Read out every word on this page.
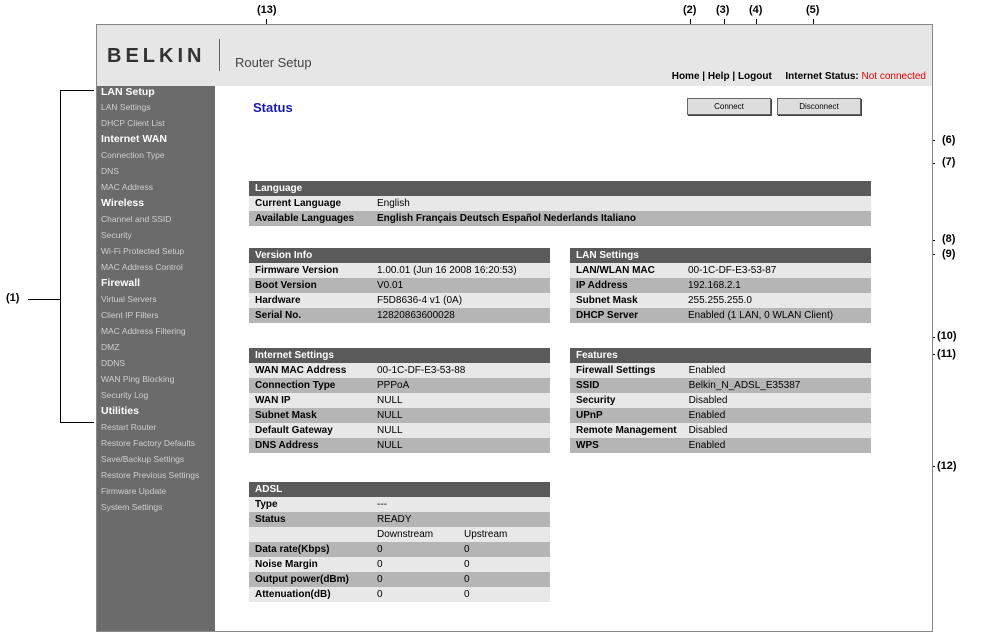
(13)	(2) (3) (4)	(5)
(6)
(7)
(8)
(9)
(10)
(11)
(12)
(1)
BELKIN Router Setup
Home | Help | Logout Internet Status: Not connected
LAN Setup
LAN Settings
DHCP Client List
Internet WAN
Connection Type
DNS
MAC Address
Wireless
Channel and SSID
Security
Wi-Fi Protected Setup
MAC Address Control
Firewall
Virtual Servers
Client IP Filters
MAC Address Filtering
DMZ
DDNS
WAN Ping Blocking
Security Log
Utilities
Restart Router
Restore Factory Defaults
Save/Backup Settings
Restore Previous Settings
Firmware Update
System Settings
Status	Connect	Disconnect
Language	
Current Language	English
Available Languages	English Français Deutsch Español Nederlands Italiano
Version Info	
Firmware Version	1.00.01 (Jun 16 2008 16:20:53)
Boot Version	V0.01
Hardware	F5D8636-4 v1 (0A)
Serial No.	12820863600028
LAN Settings	
LAN/WLAN MAC	00-1C-DF-E3-53-87
IP Address	192.168.2.1
Subnet Mask	255.255.255.0
DHCP Server	Enabled (1 LAN, 0 WLAN Client)
Internet Settings	
WAN MAC Address	00-1C-DF-E3-53-88
Connection Type	PPPoA
WAN IP	NULL
Subnet Mask	NULL
Default Gateway	NULL
DNS Address	NULL
Features	
Firewall Settings	Enabled
SSID	Belkin_N_ADSL_E35387
Security	Disabled
UPnP	Enabled
Remote Management	Disabled
WPS	Enabled
ADSL		
Type	---	
Status	READY	
	Downstream	Upstream
Data rate(Kbps)	0	0
Noise Margin	0	0
Output power(dBm)	0	0
Attenuation(dB)	0	0
